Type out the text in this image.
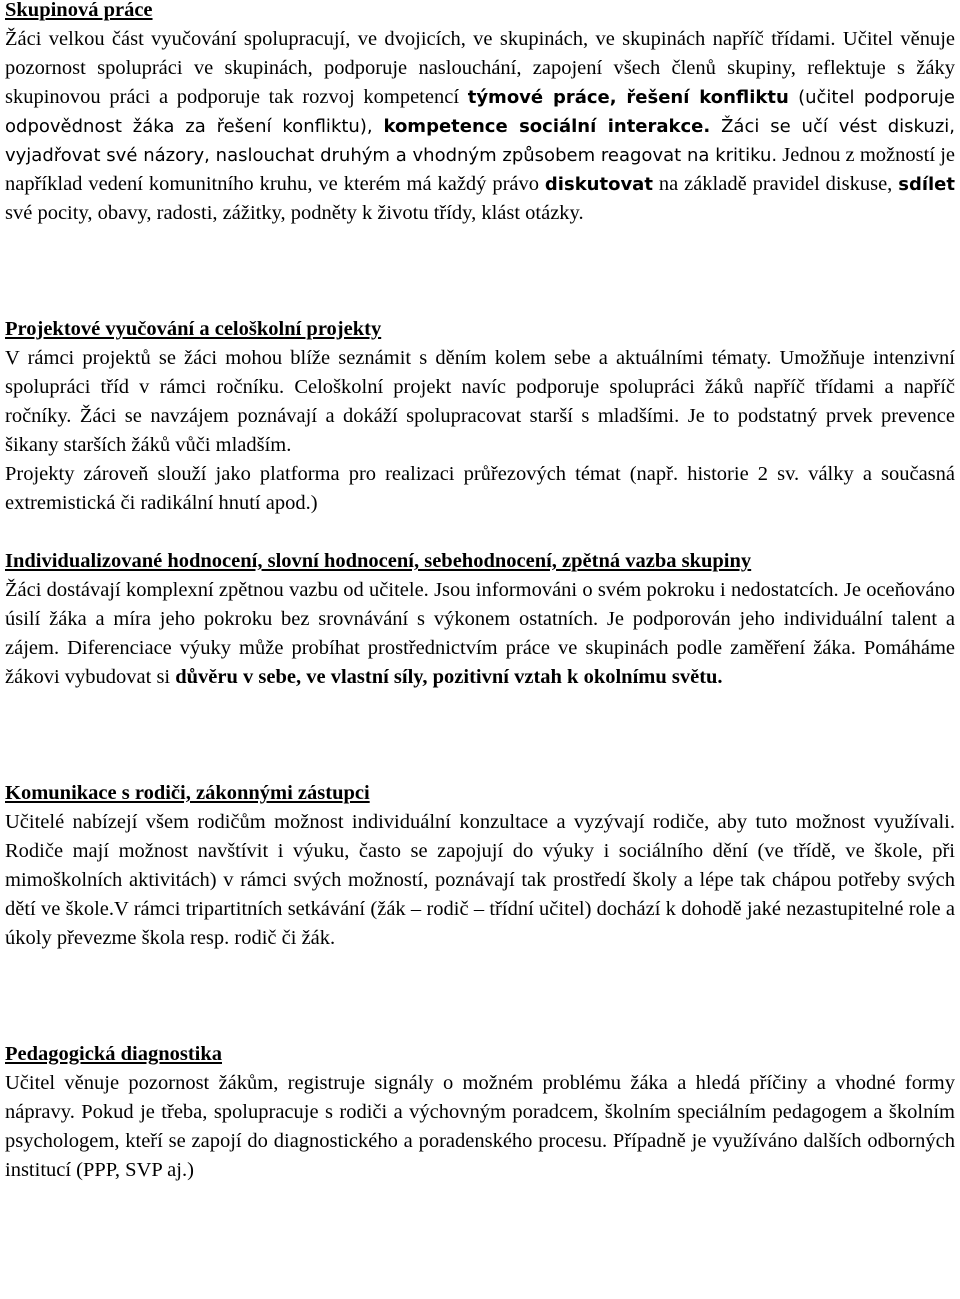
Skupinová práce

Žáci velkou část vyučování spolupracují, ve dvojicích, ve skupinách, ve skupinách napříč třídami. Učitel věnuje pozornost spolupráci ve skupinách, podporuje naslouchání, zapojení všech členů skupiny, reflektuje s žáky skupinovou práci a podporuje tak rozvoj kompetencí týmové práce, řešení konfliktu (učitel podporuje odpovědnost žáka za řešení konfliktu), kompetence sociální interakce. Žáci se učí vést diskuzi, vyjadřovat své názory, naslouchat druhým a vhodným způsobem reagovat na kritiku. Jednou z možností je například vedení komunitního kruhu, ve kterém má každý právo diskutovat na základě pravidel diskuse, sdílet své pocity, obavy, radosti, zážitky, podněty k životu třídy, klást otázky.

Projektové vyučování a celoškolní projekty

V rámci projektů se žáci mohou blíže seznámit s děním kolem sebe a aktuálními tématy. Umožňuje intenzivní spolupráci tříd v rámci ročníku. Celoškolní projekt navíc podporuje spolupráci žáků napříč třídami a napříč ročníky. Žáci se navzájem poznávají a dokáží spolupracovat starší s mladšími. Je to podstatný prvek prevence šikany starších žáků vůči mladším.

Projekty zároveň slouží jako platforma pro realizaci průřezových témat (např. historie 2 sv. války a současná extremistická či radikální hnutí apod.)

Individualizované hodnocení, slovní hodnocení, sebehodnocení, zpětná vazba skupiny

Žáci dostávají komplexní zpětnou vazbu od učitele. Jsou informováni o svém pokroku i nedostatcích. Je oceňováno úsilí žáka a míra jeho pokroku bez srovnávání s výkonem ostatních. Je podporován jeho individuální talent a zájem. Diferenciace výuky může probíhat prostřednictvím práce ve skupinách podle zaměření žáka. Pomáháme žákovi vybudovat si důvěru v sebe, ve vlastní síly, pozitivní vztah k okolnímu světu.

Komunikace s rodiči, zákonnými zástupci

Učitelé nabízejí všem rodičům možnost individuální konzultace a vyzývají rodiče, aby tuto možnost využívali. Rodiče mají možnost navštívit i výuku, často se zapojují do výuky i sociálního dění (ve třídě, ve škole, při mimoškolních aktivitách) v rámci svých možností, poznávají tak prostředí školy a lépe tak chápou potřeby svých dětí ve škole.V rámci tripartitních setkávání (žák – rodič – třídní učitel) dochází k dohodě jaké nezastupitelné role a úkoly převezme škola resp. rodič či žák.

Pedagogická diagnostika

Učitel věnuje pozornost žákům, registruje signály o možném problému žáka a hledá příčiny a vhodné formy nápravy. Pokud je třeba, spolupracuje s rodiči a výchovným poradcem, školním speciálním pedagogem a školním psychologem, kteří se zapojí do diagnostického a poradenského procesu. Případně je využíváno dalších odborných institucí (PPP, SVP aj.)
